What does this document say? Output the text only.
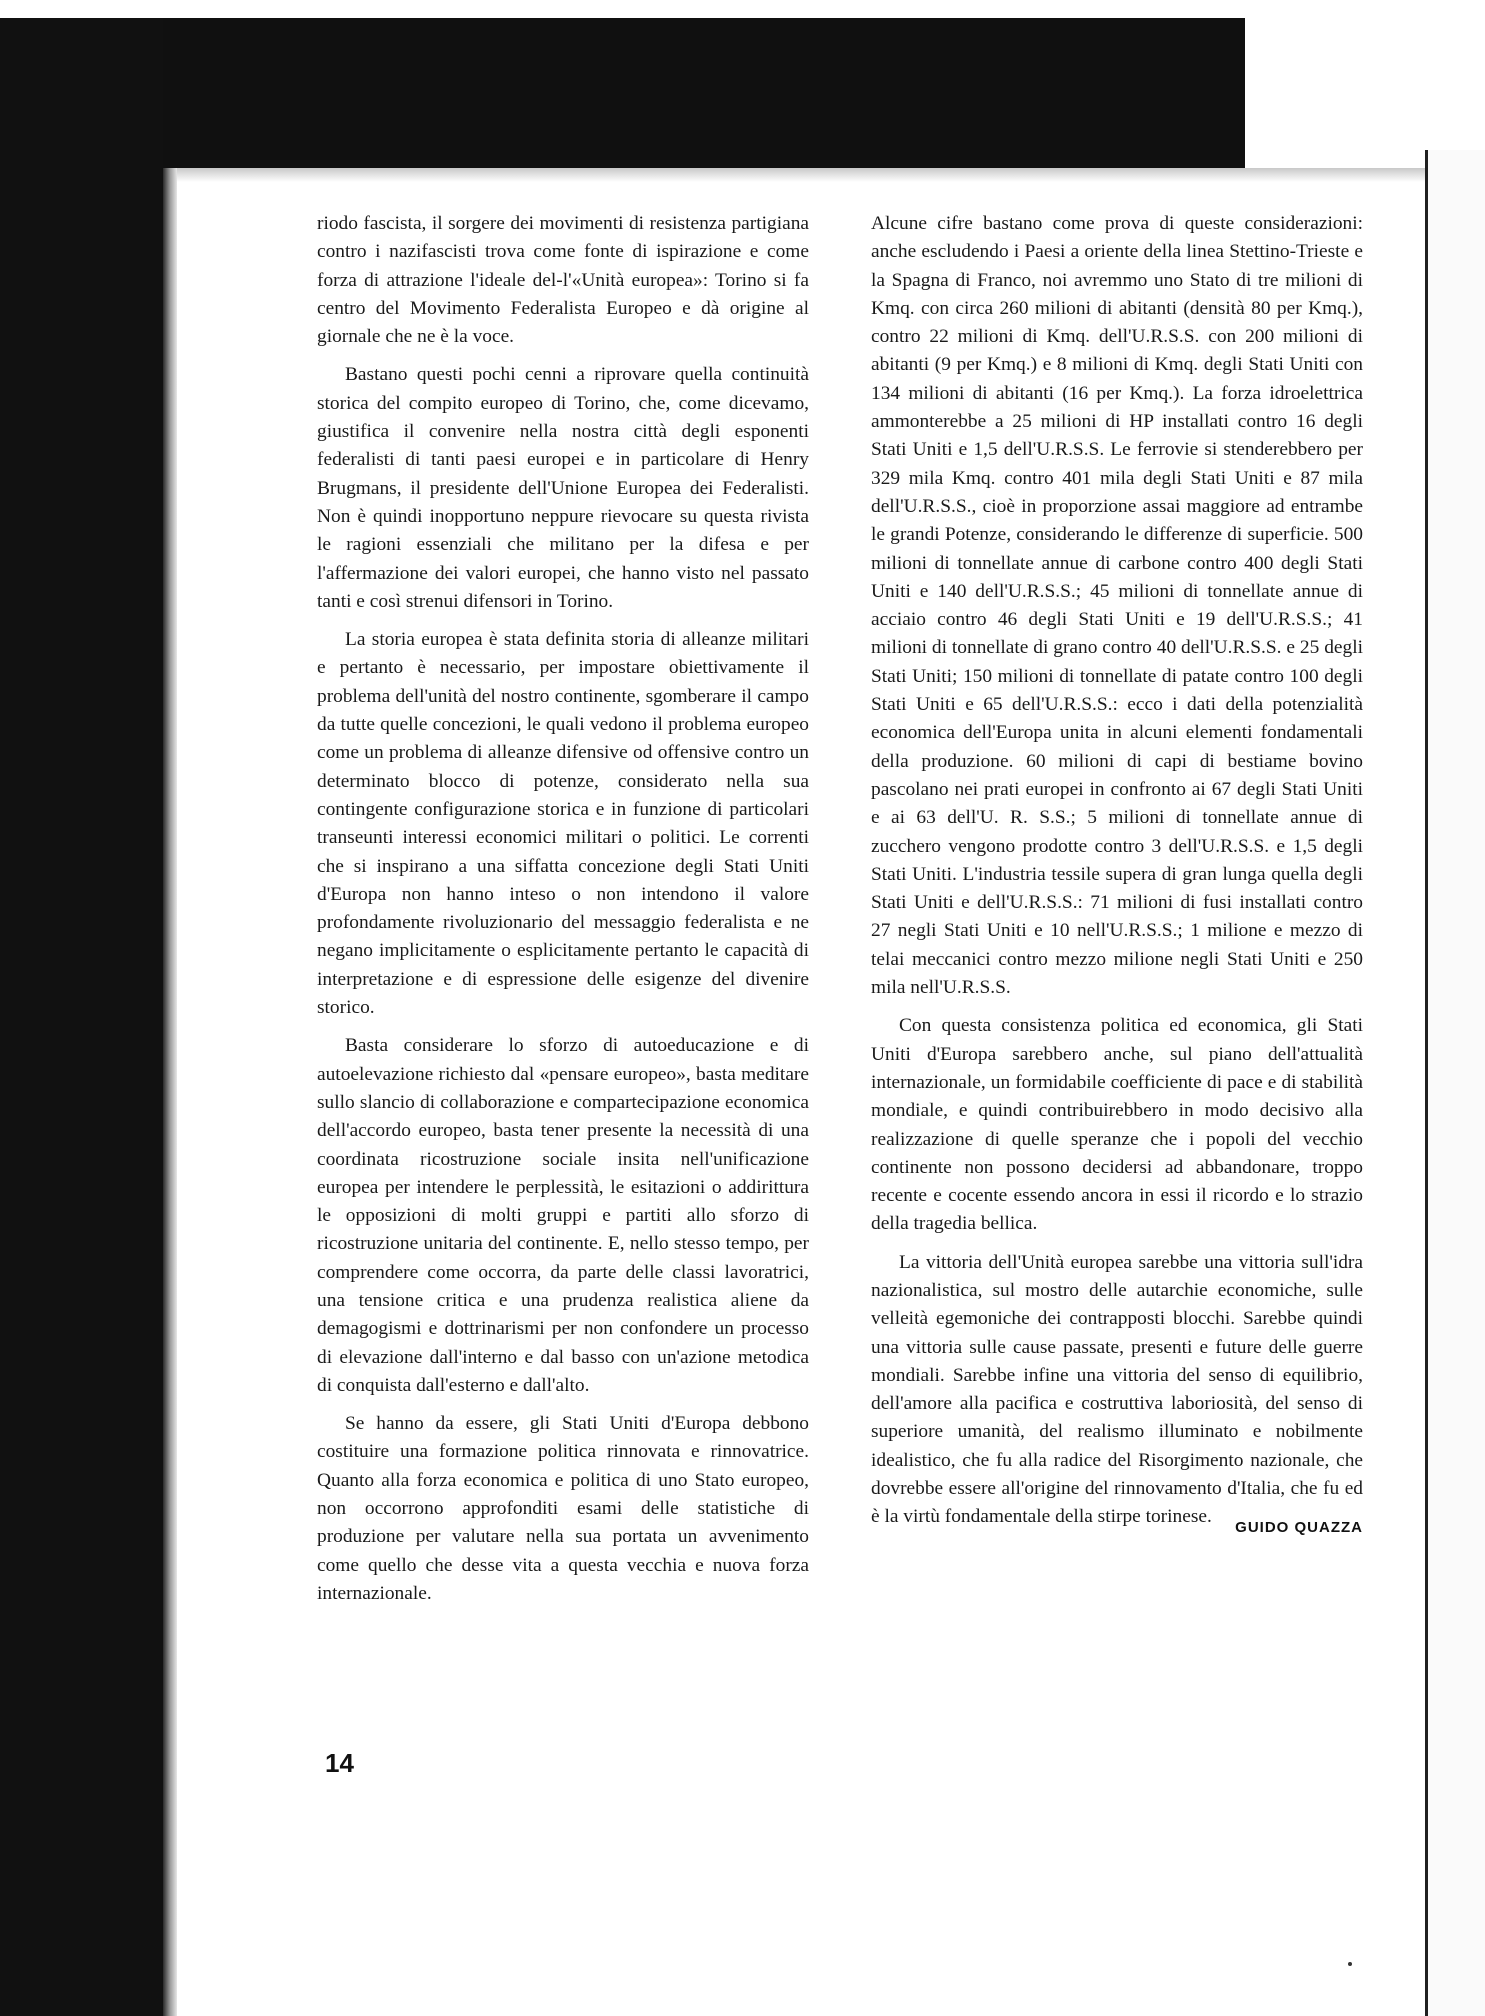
riodo fascista, il sorgere dei movimenti di resistenza partigiana contro i nazifascisti trova come fonte di ispirazione e come forza di attrazione l'ideale del-l'«Unità europea»: Torino si fa centro del Movimento Federalista Europeo e dà origine al giornale che ne è la voce.

Bastano questi pochi cenni a riprovare quella continuità storica del compito europeo di Torino, che, come dicevamo, giustifica il convenire nella nostra città degli esponenti federalisti di tanti paesi europei e in particolare di Henry Brugmans, il presidente dell'Unione Europea dei Federalisti. Non è quindi inopportuno neppure rievocare su questa rivista le ragioni essenziali che militano per la difesa e per l'affermazione dei valori europei, che hanno visto nel passato tanti e così strenui difensori in Torino.

La storia europea è stata definita storia di alleanze militari e pertanto è necessario, per impostare obiettivamente il problema dell'unità del nostro continente, sgomberare il campo da tutte quelle concezioni, le quali vedono il problema europeo come un problema di alleanze difensive od offensive contro un determinato blocco di potenze, considerato nella sua contingente configurazione storica e in funzione di particolari transeunti interessi economici militari o politici. Le correnti che si inspirano a una siffatta concezione degli Stati Uniti d'Europa non hanno inteso o non intendono il valore profondamente rivoluzionario del messaggio federalista e ne negano implicitamente o esplicitamente pertanto le capacità di interpretazione e di espressione delle esigenze del divenire storico.

Basta considerare lo sforzo di autoeducazione e di autoelevazione richiesto dal «pensare europeo», basta meditare sullo slancio di collaborazione e compartecipazione economica dell'accordo europeo, basta tener presente la necessità di una coordinata ricostruzione sociale insita nell'unificazione europea per intendere le perplessità, le esitazioni o addirittura le opposizioni di molti gruppi e partiti allo sforzo di ricostruzione unitaria del continente. E, nello stesso tempo, per comprendere come occorra, da parte delle classi lavoratrici, una tensione critica e una prudenza realistica aliene da demagogismi e dottrinarismi per non confondere un processo di elevazione dall'interno e dal basso con un'azione metodica di conquista dall'esterno e dall'alto.

Se hanno da essere, gli Stati Uniti d'Europa debbono costituire una formazione politica rinnovata e rinnovatrice. Quanto alla forza economica e politica di uno Stato europeo, non occorrono approfonditi esami delle statistiche di produzione per valutare nella sua portata un avvenimento come quello che desse vita a questa vecchia e nuova forza internazionale.

Alcune cifre bastano come prova di queste considerazioni: anche escludendo i Paesi a oriente della linea Stettino-Trieste e la Spagna di Franco, noi avremmo uno Stato di tre milioni di Kmq. con circa 260 milioni di abitanti (densità 80 per Kmq.), contro 22 milioni di Kmq. dell'U.R.S.S. con 200 milioni di abitanti (9 per Kmq.) e 8 milioni di Kmq. degli Stati Uniti con 134 milioni di abitanti (16 per Kmq.). La forza idroelettrica ammonterebbe a 25 milioni di HP installati contro 16 degli Stati Uniti e 1,5 dell'U.R.S.S. Le ferrovie si stenderebbero per 329 mila Kmq. contro 401 mila degli Stati Uniti e 87 mila dell'U.R.S.S., cioè in proporzione assai maggiore ad entrambe le grandi Potenze, considerando le differenze di superficie. 500 milioni di tonnellate annue di carbone contro 400 degli Stati Uniti e 140 dell'U.R.S.S.; 45 milioni di tonnellate annue di acciaio contro 46 degli Stati Uniti e 19 dell'U.R.S.S.; 41 milioni di tonnellate di grano contro 40 dell'U.R.S.S. e 25 degli Stati Uniti; 150 milioni di tonnellate di patate contro 100 degli Stati Uniti e 65 dell'U.R.S.S.: ecco i dati della potenzialità economica dell'Europa unita in alcuni elementi fondamentali della produzione. 60 milioni di capi di bestiame bovino pascolano nei prati europei in confronto ai 67 degli Stati Uniti e ai 63 dell'U. R. S.S.; 5 milioni di tonnellate annue di zucchero vengono prodotte contro 3 dell'U.R.S.S. e 1,5 degli Stati Uniti. L'industria tessile supera di gran lunga quella degli Stati Uniti e dell'U.R.S.S.: 71 milioni di fusi installati contro 27 negli Stati Uniti e 10 nell'U.R.S.S.; 1 milione e mezzo di telai meccanici contro mezzo milione negli Stati Uniti e 250 mila nell'U.R.S.S.

Con questa consistenza politica ed economica, gli Stati Uniti d'Europa sarebbero anche, sul piano dell'attualità internazionale, un formidabile coefficiente di pace e di stabilità mondiale, e quindi contribuirebbero in modo decisivo alla realizzazione di quelle speranze che i popoli del vecchio continente non possono decidersi ad abbandonare, troppo recente e cocente essendo ancora in essi il ricordo e lo strazio della tragedia bellica.

La vittoria dell'Unità europea sarebbe una vittoria sull'idra nazionalistica, sul mostro delle autarchie economiche, sulle velleità egemoniche dei contrapposti blocchi. Sarebbe quindi una vittoria sulle cause passate, presenti e future delle guerre mondiali. Sarebbe infine una vittoria del senso di equilibrio, dell'amore alla pacifica e costruttiva laboriosità, del senso di superiore umanità, del realismo illuminato e nobilmente idealistico, che fu alla radice del Risorgimento nazionale, che dovrebbe essere all'origine del rinnovamento d'Italia, che fu ed è la virtù fondamentale della stirpe torinese.	GUIDO QUAZZA
14
